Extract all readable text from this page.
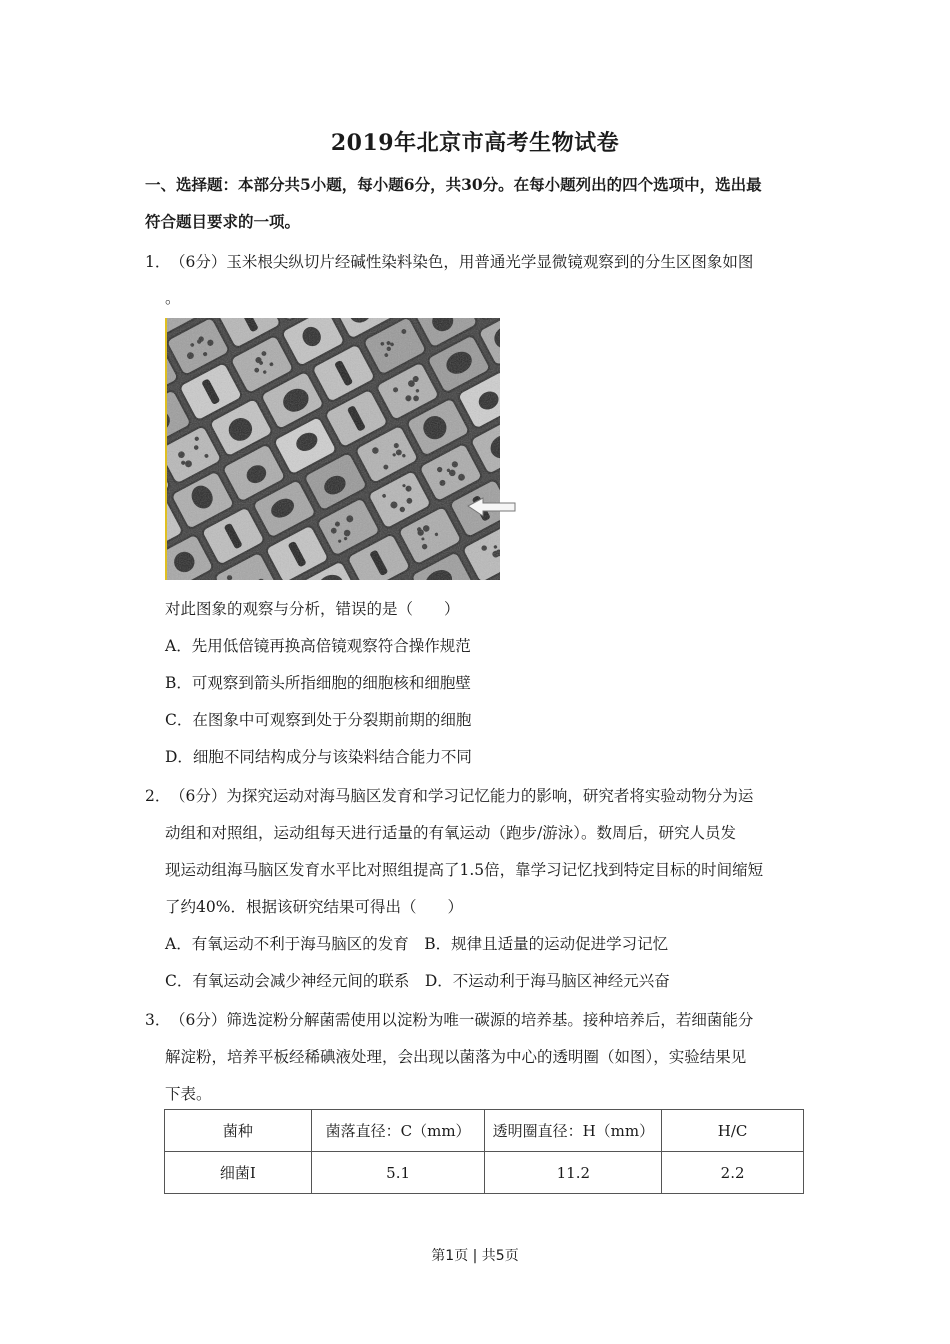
2019年北京市高考生物试卷
一、选择题：本部分共5小题，每小题6分，共30分。在每小题列出的四个选项中，选出最
符合题目要求的一项。
1． （6分）玉米根尖纵切片经碱性染料染色，用普通光学显微镜观察到的分生区图象如图
。
对此图象的观察与分析，错误的是（　　）
A．先用低倍镜再换高倍镜观察符合操作规范
B．可观察到箭头所指细胞的细胞核和细胞壁
C．在图象中可观察到处于分裂期前期的细胞
D．细胞不同结构成分与该染料结合能力不同
2． （6分）为探究运动对海马脑区发育和学习记忆能力的影响，研究者将实验动物分为运
动组和对照组，运动组每天进行适量的有氧运动（跑步/游泳）。数周后，研究人员发
现运动组海马脑区发育水平比对照组提高了1.5倍，靠学习记忆找到特定目标的时间缩短
了约40%．根据该研究结果可得出（　　）
A．有氧运动不利于海马脑区的发育　B．规律且适量的运动促进学习记忆
C．有氧运动会减少神经元间的联系　D．不运动利于海马脑区神经元兴奋
3． （6分）筛选淀粉分解菌需使用以淀粉为唯一碳源的培养基。接种培养后，若细菌能分
解淀粉，培养平板经稀碘液处理，会出现以菌落为中心的透明圈（如图），实验结果见
下表。
菌种	菌落直径：C（mm）	透明圈直径：H（mm）	H/C
细菌Ⅰ	5.1	11.2	2.2
第1页 | 共5页
